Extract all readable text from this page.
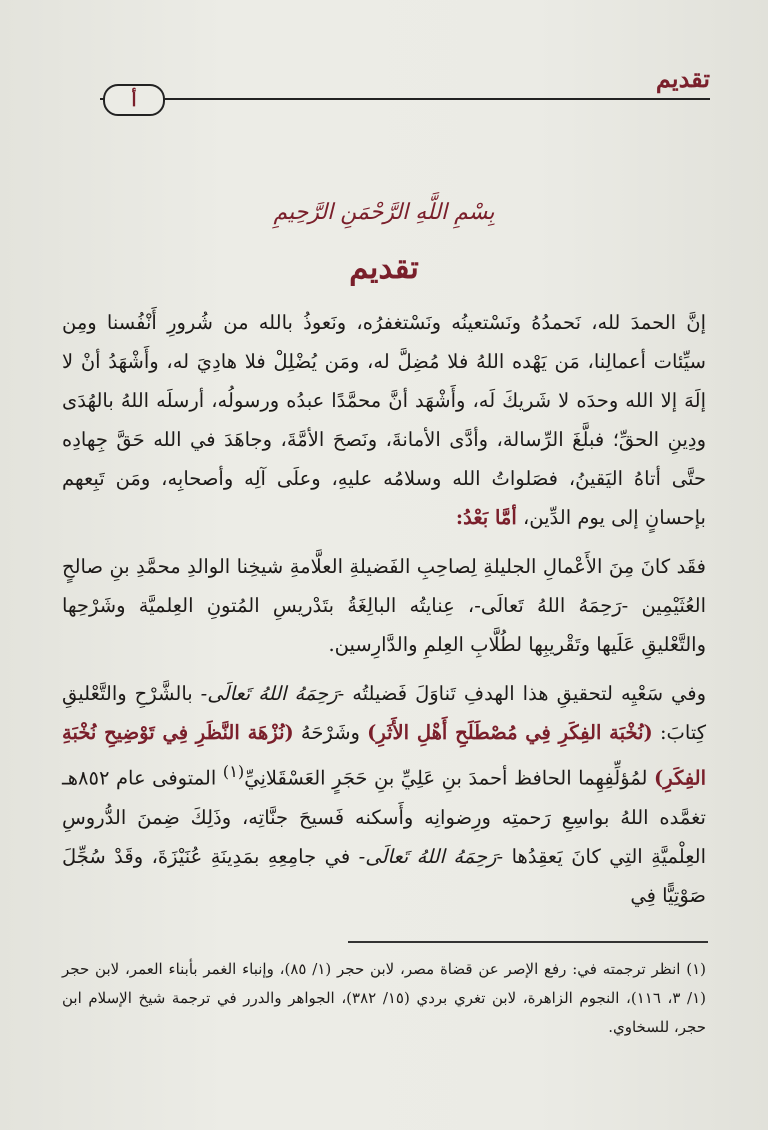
تقديم
أ
بِسْمِ اللَّهِ الرَّحْمَنِ الرَّحِيمِ
تقديم

إنَّ الحمدَ لله، نَحمدُهُ ونَسْتعينُه ونَسْتغفرُه، ونَعوذُ بالله من شُرورِ أَنْفُسنا ومِن سيِّئات أعمالِنا، مَن يَهْده اللهُ فلا مُضِلَّ له، ومَن يُضْلِلْ فلا هادِيَ له، وأَشْهَدُ أنْ لا إلَهَ إلا الله وحدَه لا شَريكَ لَه، وأَشْهَد أنَّ محمَّدًا عبدُه ورسولُه، أرسلَه اللهُ بالهُدَى ودِينِ الحقِّ؛ فبلَّغَ الرِّسالة، وأدَّى الأمانةَ، ونَصحَ الأمَّةَ، وجاهَدَ في الله حَقَّ جِهادِه حتَّى أتاهُ اليَقينُ، فصَلواتُ الله وسلامُه عليهِ، وعلَى آلِه وأصحابِه، ومَن تَبِعهم بإحسانٍ إلى يوم الدِّين، أمَّا بَعْدُ:

فقَد كانَ مِنَ الأَعْمالِ الجليلةِ لِصاحِبِ الفَضيلةِ العلَّامةِ شيخِنا الوالدِ محمَّدِ بنِ صالحٍ العُثَيْمِين -رَحِمَهُ اللهُ تَعالَى-، عِنايتُه البالِغَةُ بتَدْريسِ المُتونِ العِلميَّة وشَرْحِها والتَّعْليقِ عَلَيها وتَقْريبِها لطُلَّابِ العِلمِ والدَّارِسين.

وفي سَعْيِه لتحقيقِ هذا الهدفِ تَناوَلَ فَضيلتُه -رَحِمَهُ اللهُ تَعالَى- بالشَّرْحِ والتَّعْليقِ كِتابَ: (نُخْبَة الفِكَرِ فِي مُصْطَلَحِ أَهْلِ الأَثَرِ) وشَرْحَهُ (نُزْهَة النَّظَرِ فِي تَوْضِيحِ نُخْبَةِ الفِكَرِ) لمُؤلِّفِهِما الحافظ أحمدَ بنِ عَلِيِّ بنِ حَجَرٍ العَسْقَلانِيِّ$^{(١)}$ المتوفى عام ٨٥٢هـ تغمَّده اللهُ بواسِعِ رَحمتِه ورِضوانِه وأَسكنه فَسيحَ جنَّاتِه، وذَلِكَ ضِمنَ الدُّروسِ العِلْميَّةِ التِي كانَ يَعقِدُها -رَحِمَهُ اللهُ تَعالَى- في جامِعِهِ بمَدِينَةِ عُنَيْزَةَ، وقَدْ سُجِّلَ صَوْتِيًّا فِي

(١) انظر ترجمته في: رفع الإصر عن قضاة مصر، لابن حجر (١/ ٨٥)، وإنباء الغمر بأبناء العمر، لابن حجر (١/ ٣، ١١٦)، النجوم الزاهرة، لابن تغري بردي (١٥/ ٣٨٢)، الجواهر والدرر في ترجمة شيخ الإسلام ابن حجر، للسخاوي.
